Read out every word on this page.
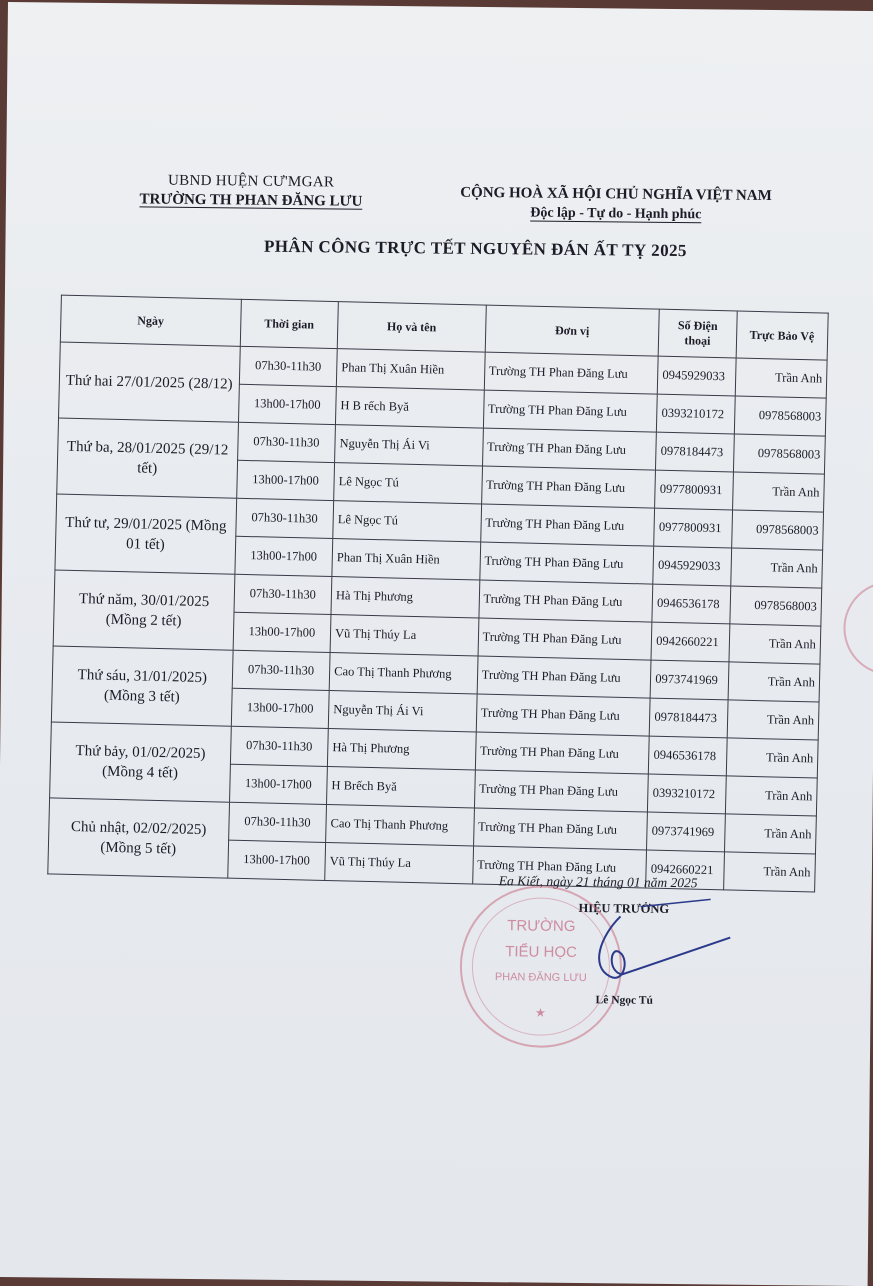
UBND HUỆN CƯ'MGAR
TRƯỜNG TH PHAN ĐĂNG LƯU	CỘNG HOÀ XÃ HỘI CHỦ NGHĨA VIỆT NAM
Độc lập - Tự do - Hạnh phúc
PHÂN CÔNG TRỰC TẾT NGUYÊN ĐÁN ẤT TỴ 2025
Ngày	Thời gian	Họ và tên	Đơn vị	Số Điện thoại	Trực Bảo Vệ
Thứ hai 27/01/2025 (28/12)	07h30-11h30	Phan Thị Xuân Hiền	Trường TH Phan Đăng Lưu	0945929033	Trần Anh
	13h00-17h00	H B rếch Byă	Trường TH Phan Đăng Lưu	0393210172	0978568003
Thứ ba, 28/01/2025 (29/12 tết)	07h30-11h30	Nguyễn Thị Ái Vi	Trường TH Phan Đăng Lưu	0978184473	0978568003
	13h00-17h00	Lê Ngọc Tú	Trường TH Phan Đăng Lưu	0977800931	Trần Anh
Thứ tư, 29/01/2025 (Mồng 01 tết)	07h30-11h30	Lê Ngọc Tú	Trường TH Phan Đăng Lưu	0977800931	0978568003
	13h00-17h00	Phan Thị Xuân Hiền	Trường TH Phan Đăng Lưu	0945929033	Trần Anh
Thứ năm, 30/01/2025 (Mồng 2 tết)	07h30-11h30	Hà Thị Phương	Trường TH Phan Đăng Lưu	0946536178	0978568003
	13h00-17h00	Vũ Thị Thúy La	Trường TH Phan Đăng Lưu	0942660221	Trần Anh
Thứ sáu, 31/01/2025) (Mồng 3 tết)	07h30-11h30	Cao Thị Thanh Phương	Trường TH Phan Đăng Lưu	0973741969	Trần Anh
	13h00-17h00	Nguyễn Thị Ái Vi	Trường TH Phan Đăng Lưu	0978184473	Trần Anh
Thứ bảy, 01/02/2025) (Mồng 4 tết)	07h30-11h30	Hà Thị Phương	Trường TH Phan Đăng Lưu	0946536178	Trần Anh
	13h00-17h00	H Brếch Byă	Trường TH Phan Đăng Lưu	0393210172	Trần Anh
Chủ nhật, 02/02/2025) (Mồng 5 tết)	07h30-11h30	Cao Thị Thanh Phương	Trường TH Phan Đăng Lưu	0973741969	Trần Anh
	13h00-17h00	Vũ Thị Thúy La	Trường TH Phan Đăng Lưu	0942660221	Trần Anh
Ea Kiết, ngày 21 tháng 01 năm 2025
HIỆU TRƯỞNG
TRƯỜNG
TIỂU HỌC
PHAN ĐĂNG LƯU
★
Lê Ngọc Tú
